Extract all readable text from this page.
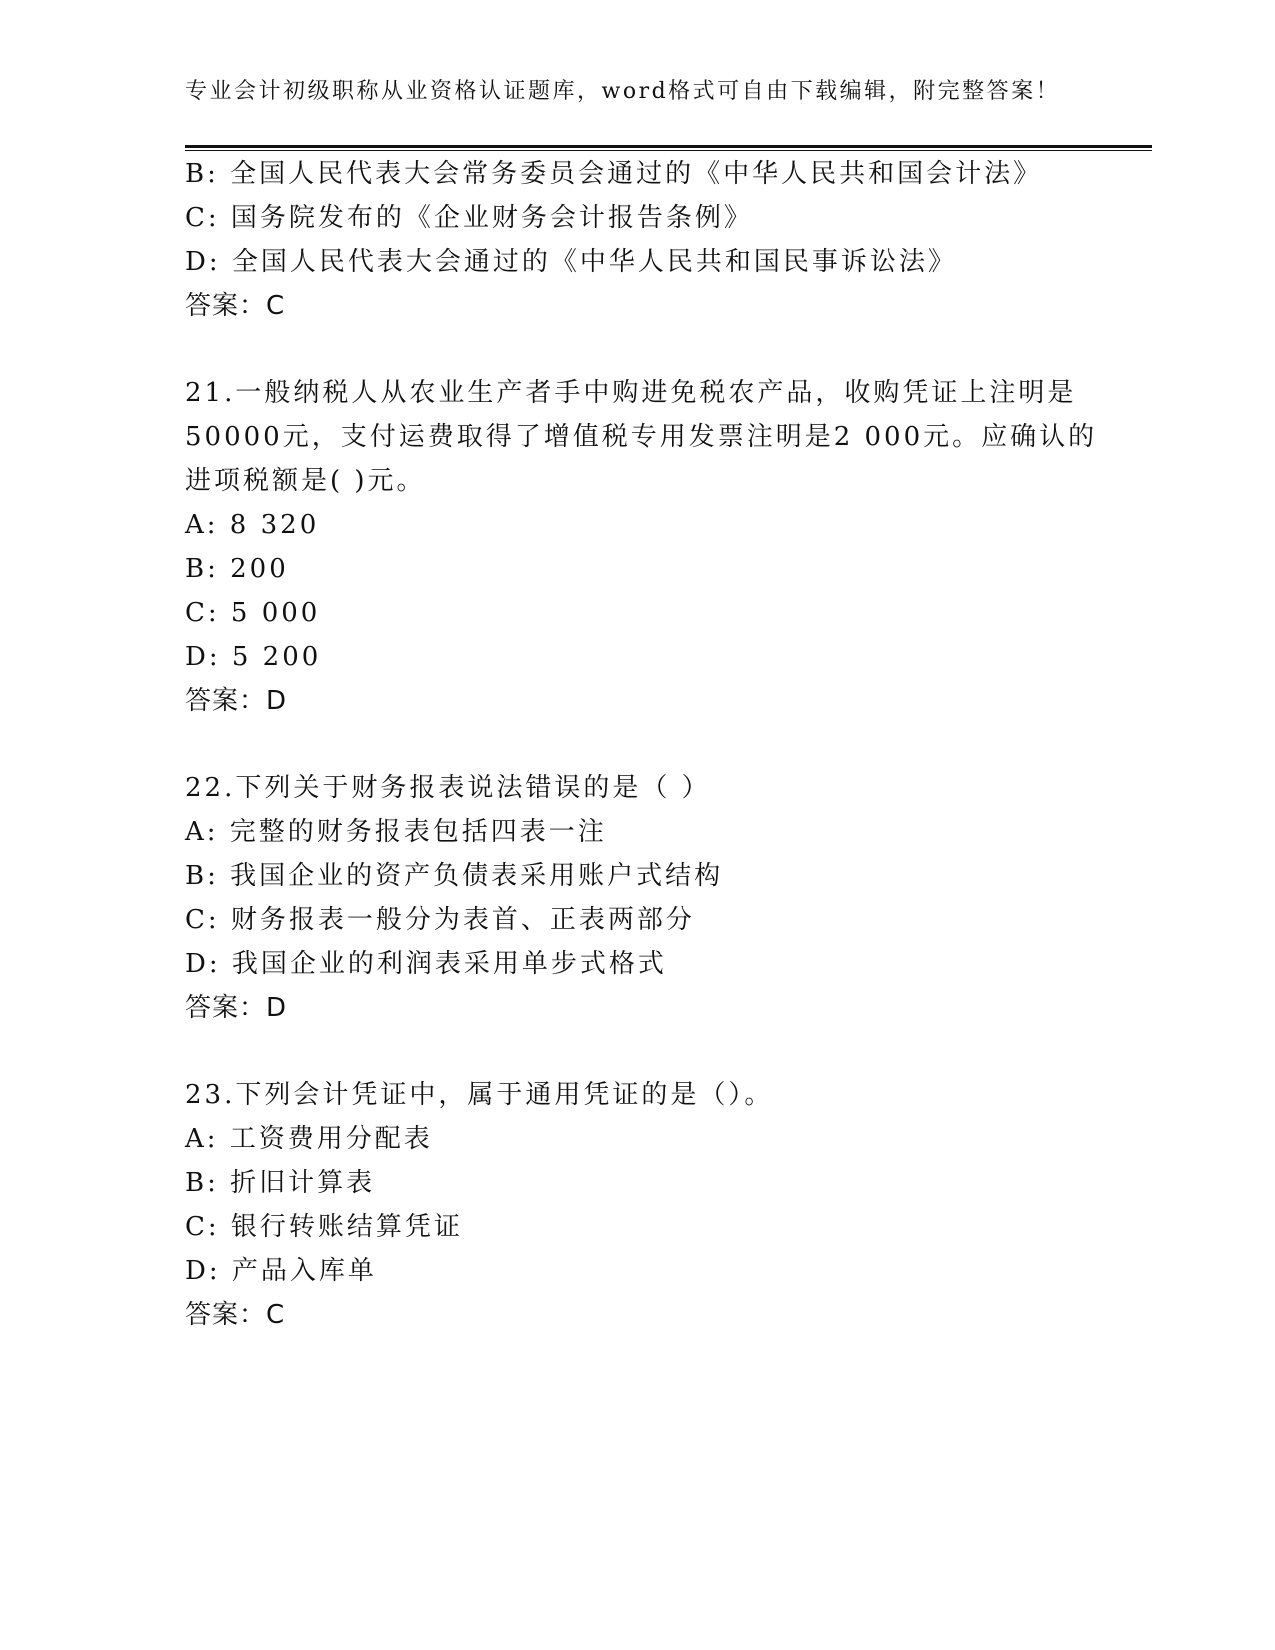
专业会计初级职称从业资格认证题库，word格式可自由下载编辑，附完整答案！
B: 全国人民代表大会常务委员会通过的《中华人民共和国会计法》
C: 国务院发布的《企业财务会计报告条例》
D: 全国人民代表大会通过的《中华人民共和国民事诉讼法》
答案：C
21.一般纳税人从农业生产者手中购进免税农产品，收购凭证上注明是
50000元，支付运费取得了增值税专用发票注明是2 000元。应确认的
进项税额是( )元。
A: 8 320
B: 200
C: 5 000
D: 5 200
答案：D
22.下列关于财务报表说法错误的是（ ）
A: 完整的财务报表包括四表一注
B: 我国企业的资产负债表采用账户式结构
C: 财务报表一般分为表首、正表两部分
D: 我国企业的利润表采用单步式格式
答案：D
23.下列会计凭证中，属于通用凭证的是（）。
A: 工资费用分配表
B: 折旧计算表
C: 银行转账结算凭证
D: 产品入库单
答案：C
